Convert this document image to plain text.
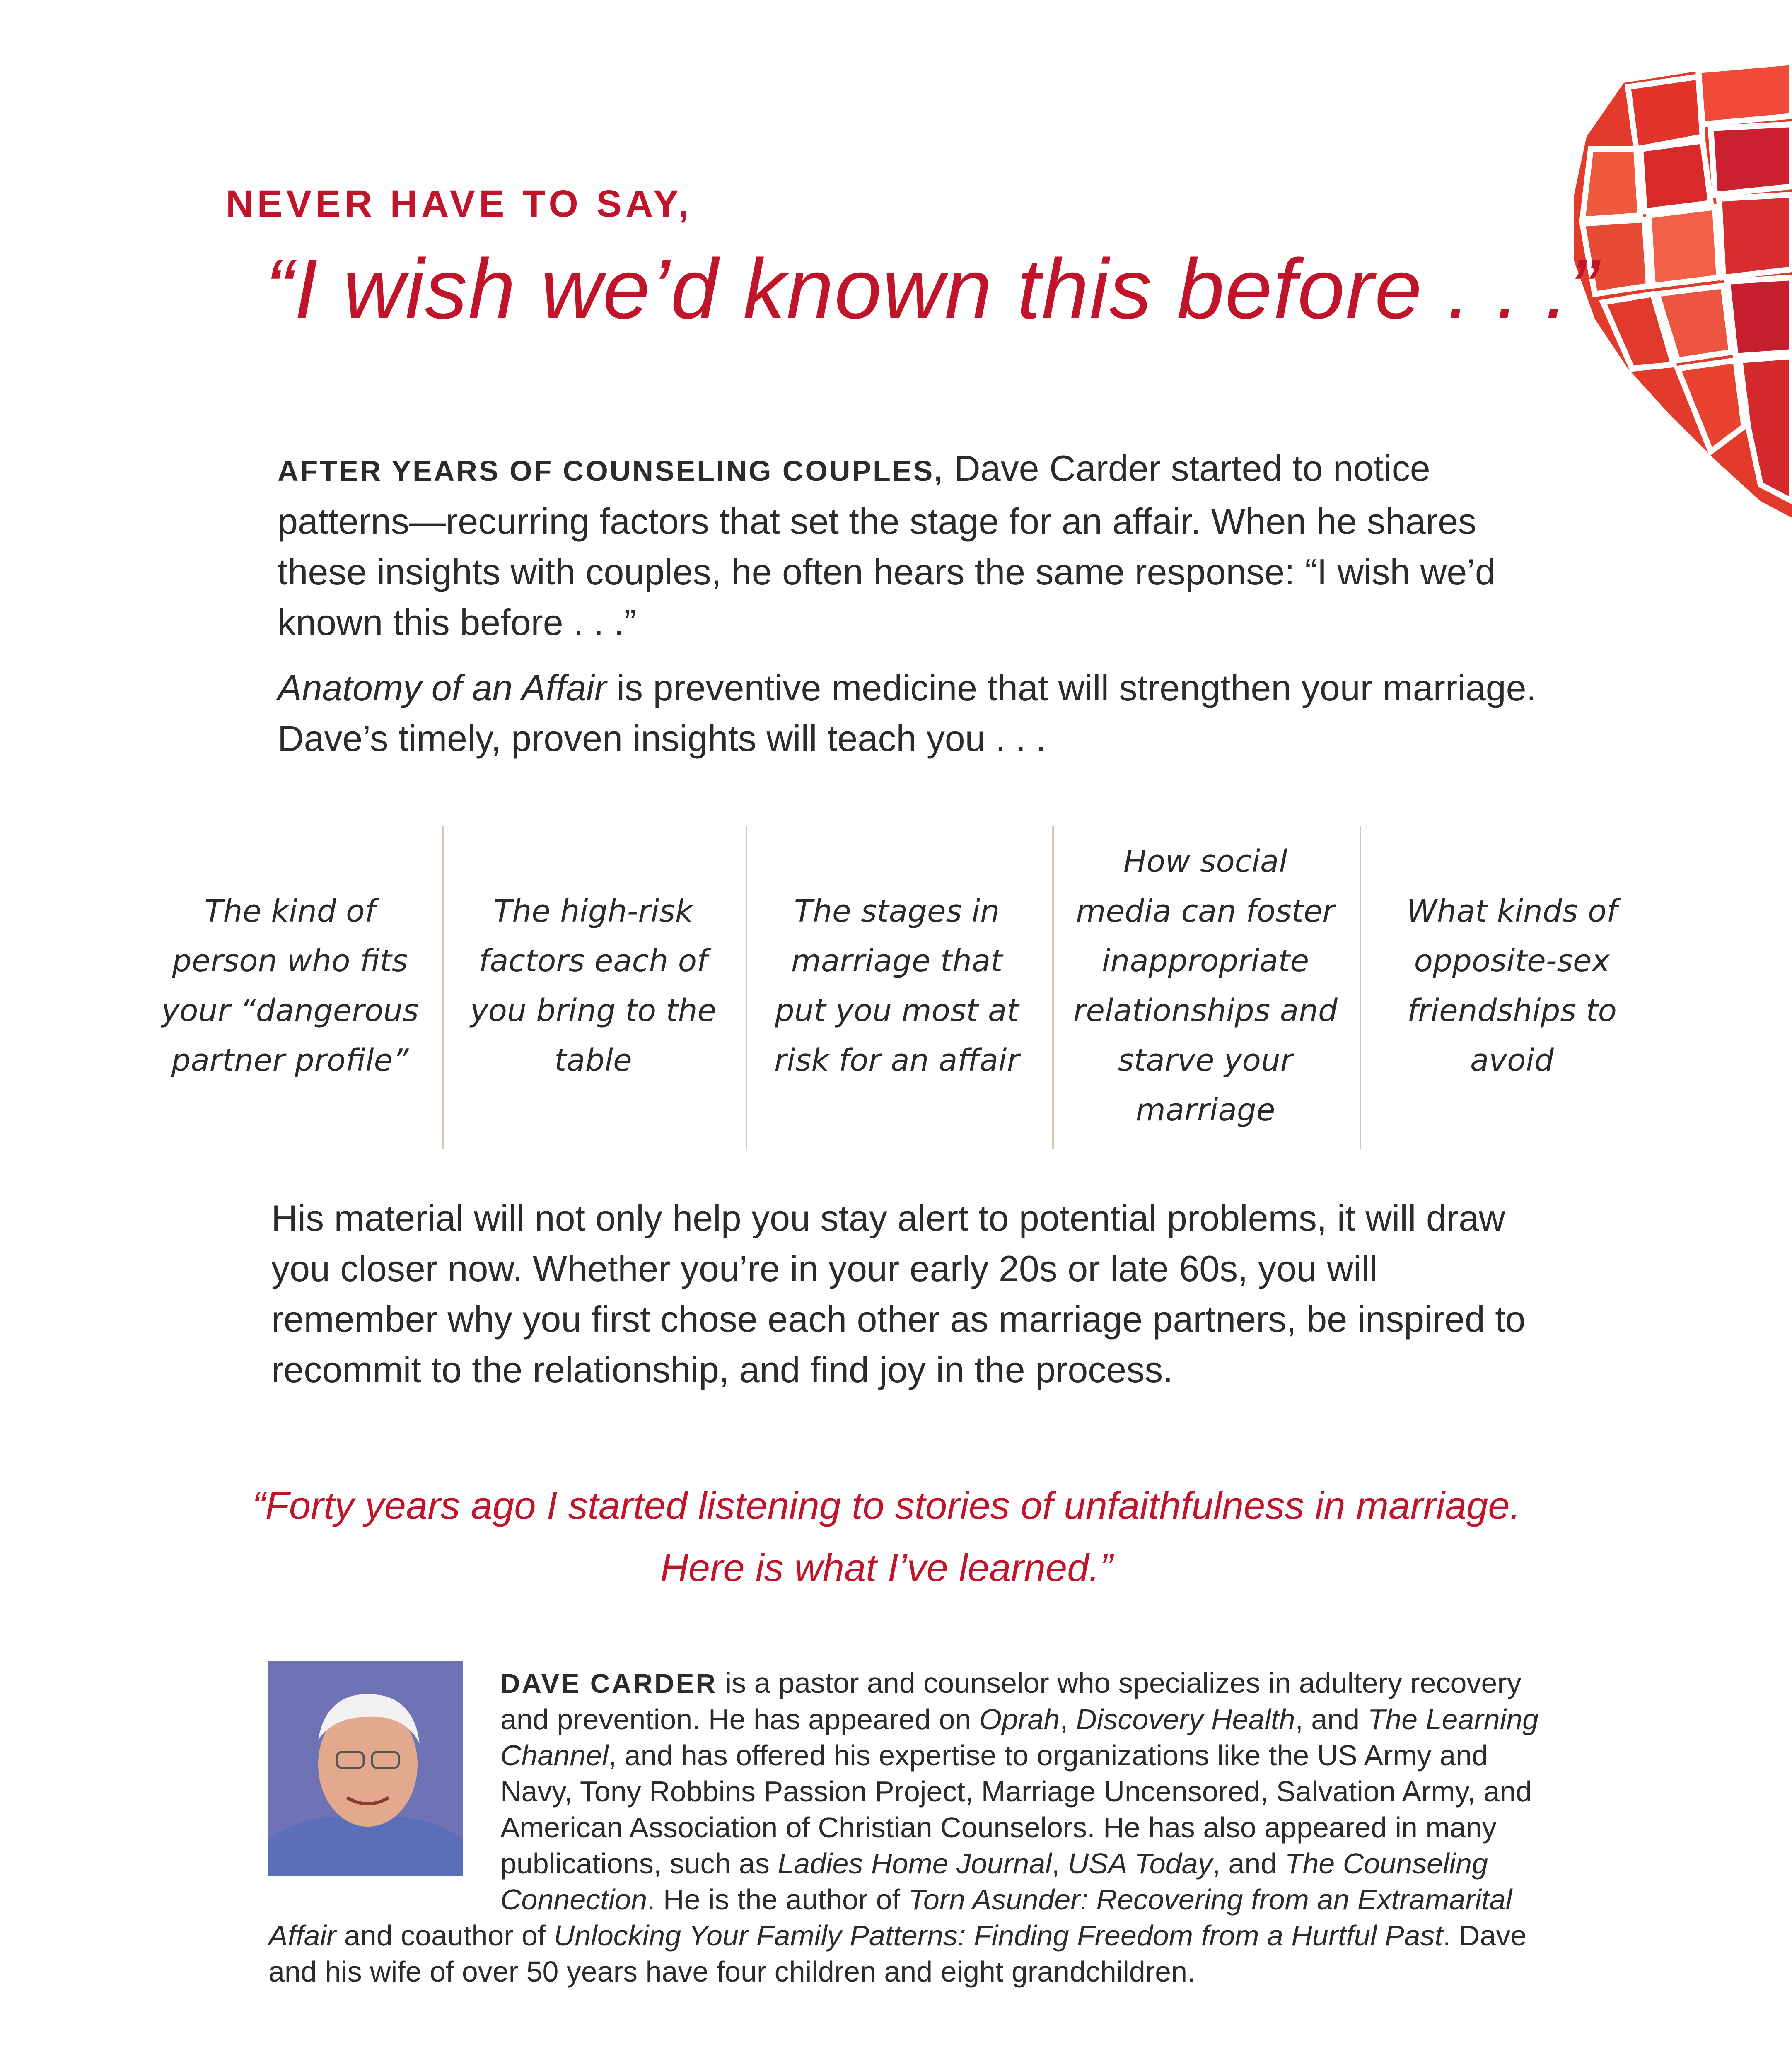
NEVER HAVE TO SAY,
“I wish we’d known this before . . .”
AFTER YEARS OF COUNSELING COUPLES, Dave Carder started to notice patterns—recurring factors that set the stage for an affair. When he shares these insights with couples, he often hears the same response: “I wish we’d known this before . . .”
Anatomy of an Affair is preventive medicine that will strengthen your marriage. Dave’s timely, proven insights will teach you . . .
The kind of person who fits your “dangerous partner profile”
The high-risk factors each of you bring to the table
The stages in marriage that put you most at risk for an affair
How social media can foster inappropriate relationships and starve your marriage
What kinds of opposite-sex friendships to avoid
His material will not only help you stay alert to potential problems, it will draw you closer now. Whether you’re in your early 20s or late 60s, you will remember why you first chose each other as marriage partners, be inspired to recommit to the relationship, and find joy in the process.
“Forty years ago I started listening to stories of unfaithfulness in marriage. Here is what I’ve learned.”
DAVE CARDER is a pastor and counselor who specializes in adultery recovery and prevention. He has appeared on Oprah, Discovery Health, and The Learning Channel, and has offered his expertise to organizations like the US Army and Navy, Tony Robbins Passion Project, Marriage Uncensored, Salvation Army, and American Association of Christian Counselors. He has also appeared in many publications, such as Ladies Home Journal, USA Today, and The Counseling Connection. He is the author of Torn Asunder: Recovering from an Extramarital Affair and coauthor of Unlocking Your Family Patterns: Finding Freedom from a Hurtful Past. Dave and his wife of over 50 years have four children and eight grandchildren.
